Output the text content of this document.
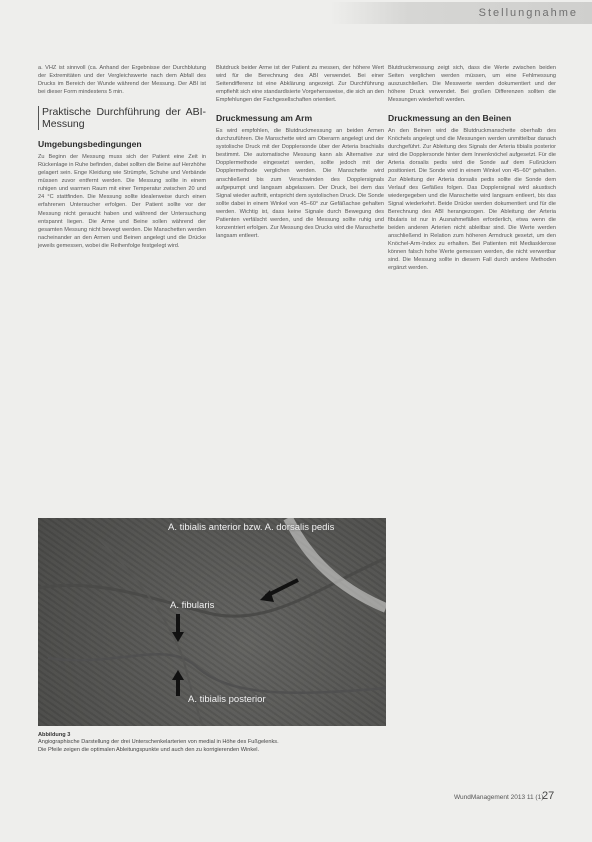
Stellungnahme

a. VHZ ist sinnvoll (ca. Anhand der Ergebnisse der Durchblutung der Extremitäten und der Vergleichswerte nach dem Abfall des Drucks im Bereich der Wunde während der Messung. Der ABI ist bei dieser Form mindestens 5 min.

Praktische Durchführung der ABI-Messung
Umgebungsbedingungen

Zu Beginn der Messung muss sich der Patient eine Zeit in Rückenlage in Ruhe befinden, dabei sollten die Beine auf Herzhöhe gelagert sein. Enge Kleidung wie Strümpfe, Schuhe und Verbände müssen zuvor entfernt werden. Die Messung sollte in einem ruhigen und warmen Raum mit einer Temperatur zwischen 20 und 24 °C stattfinden. Die Messung sollte idealerweise durch einen erfahrenen Untersucher erfolgen. Der Patient sollte vor der Messung nicht geraucht haben und während der Untersuchung entspannt liegen. Die Arme und Beine sollen während der gesamten Messung nicht bewegt werden. Die Manschetten werden nacheinander an den Armen und Beinen angelegt und die Drücke jeweils gemessen, wobei die Reihenfolge festgelegt wird.

Blutdruck beider Arme ist der Patient zu messen, der höhere Wert wird für die Berechnung des ABI verwendet. Bei einer Seitendifferenz ist eine Abklärung angezeigt. Zur Durchführung empfiehlt sich eine standardisierte Vorgehensweise, die sich an den Empfehlungen der Fachgesellschaften orientiert.

Druckmessung am Arm

Es wird empfohlen, die Blutdruckmessung an beiden Armen durchzuführen. Die Manschette wird am Oberarm angelegt und der systolische Druck mit der Dopplersonde über der Arteria brachialis bestimmt. Die automatische Messung kann als Alternative zur Dopplermethode eingesetzt werden, sollte jedoch mit der Dopplermethode verglichen werden. Die Manschette wird anschließend bis zum Verschwinden des Dopplersignals aufgepumpt und langsam abgelassen. Der Druck, bei dem das Signal wieder auftritt, entspricht dem systolischen Druck. Die Sonde sollte dabei in einem Winkel von 45–60° zur Gefäßachse gehalten werden. Wichtig ist, dass keine Signale durch Bewegung des Patienten verfälscht werden, und die Messung sollte ruhig und konzentriert erfolgen. Zur Messung des Drucks wird die Manschette langsam entleert.

Blutdruckmessung zeigt sich, dass die Werte zwischen beiden Seiten verglichen werden müssen, um eine Fehlmessung auszuschließen. Die Messwerte werden dokumentiert und der höhere Druck verwendet. Bei großen Differenzen sollten die Messungen wiederholt werden.

Druckmessung an den Beinen

An den Beinen wird die Blutdruckmanschette oberhalb des Knöchels angelegt und die Messungen werden unmittelbar danach durchgeführt. Zur Ableitung des Signals der Arteria tibialis posterior wird die Dopplersonde hinter dem Innenknöchel aufgesetzt. Für die Arteria dorsalis pedis wird die Sonde auf dem Fußrücken positioniert. Die Sonde wird in einem Winkel von 45–60° gehalten. Zur Ableitung der Arteria dorsalis pedis sollte die Sonde dem Verlauf des Gefäßes folgen. Das Dopplersignal wird akustisch wiedergegeben und die Manschette wird langsam entleert, bis das Signal wiederkehrt. Beide Drücke werden dokumentiert und für die Berechnung des ABI herangezogen. Die Ableitung der Arteria fibularis ist nur in Ausnahmefällen erforderlich, etwa wenn die beiden anderen Arterien nicht ableitbar sind. Die Werte werden anschließend in Relation zum höheren Armdruck gesetzt, um den Knöchel-Arm-Index zu erhalten. Bei Patienten mit Mediasklerose können falsch hohe Werte gemessen werden, die nicht verwertbar sind. Die Messung sollte in diesem Fall durch andere Methoden ergänzt werden.

A. tibialis anterior bzw. A. dorsalis pedis
A. fibularis
A. tibialis posterior
Abbildung 3
Angiographische Darstellung der drei Unterschenkelarterien von medial in Höhe des Fußgelenks. Die Pfeile zeigen die optimalen Ableitungspunkte und auch den zu korrigierenden Winkel.
WundManagement 2013 11 (1)
27
